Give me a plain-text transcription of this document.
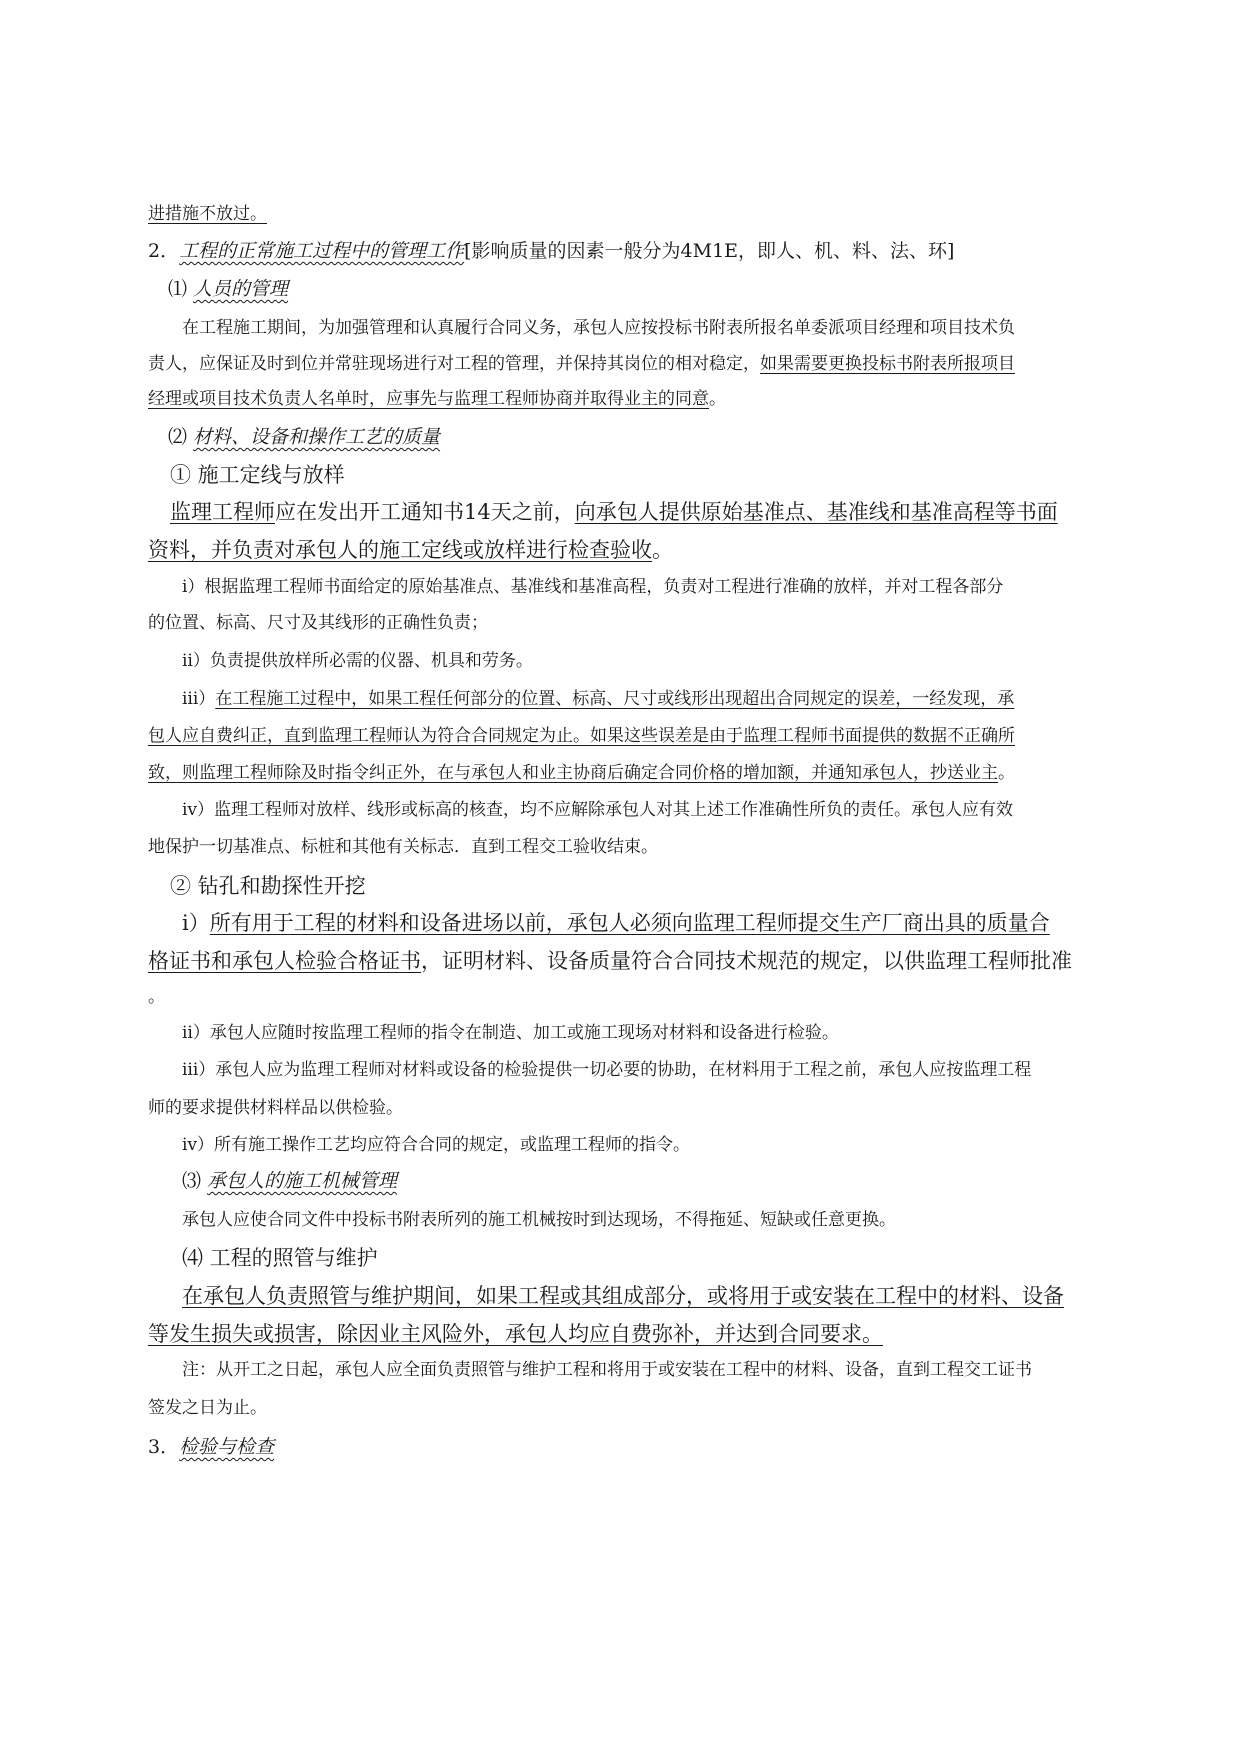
进措施不放过。
2．工程的正常施工过程中的管理工作[影响质量的因素一般分为4M1E，即人、机、料、法、环]
⑴ 人员的管理
在工程施工期间，为加强管理和认真履行合同义务，承包人应按投标书附表所报名单委派项目经理和项目技术负
责人，应保证及时到位并常驻现场进行对工程的管理，并保持其岗位的相对稳定，如果需要更换投标书附表所报项目
经理或项目技术负责人名单时，应事先与监理工程师协商并取得业主的同意。
⑵ 材料、设备和操作工艺的质量
① 施工定线与放样
监理工程师应在发出开工通知书14天之前，向承包人提供原始基准点、基准线和基准高程等书面
资料，并负责对承包人的施工定线或放样进行检查验收。
ⅰ）根据监理工程师书面给定的原始基准点、基准线和基准高程，负责对工程进行准确的放样，并对工程各部分
的位置、标高、尺寸及其线形的正确性负责；
ⅱ）负责提供放样所必需的仪器、机具和劳务。
ⅲ）在工程施工过程中，如果工程任何部分的位置、标高、尺寸或线形出现超出合同规定的误差，一经发现，承
包人应自费纠正，直到监理工程师认为符合合同规定为止。如果这些误差是由于监理工程师书面提供的数据不正确所
致，则监理工程师除及时指令纠正外，在与承包人和业主协商后确定合同价格的增加额，并通知承包人，抄送业主。
ⅳ）监理工程师对放样、线形或标高的核查，均不应解除承包人对其上述工作准确性所负的责任。承包人应有效
地保护一切基准点、标桩和其他有关标志．直到工程交工验收结束。
② 钻孔和勘探性开挖
ⅰ）所有用于工程的材料和设备进场以前，承包人必须向监理工程师提交生产厂商出具的质量合
格证书和承包人检验合格证书，证明材料、设备质量符合合同技术规范的规定，以供监理工程师批准
。
ⅱ）承包人应随时按监理工程师的指令在制造、加工或施工现场对材料和设备进行检验。
ⅲ）承包人应为监理工程师对材料或设备的检验提供一切必要的协助，在材料用于工程之前，承包人应按监理工程
师的要求提供材料样品以供检验。
ⅳ）所有施工操作工艺均应符合合同的规定，或监理工程师的指令。
⑶ 承包人的施工机械管理
承包人应使合同文件中投标书附表所列的施工机械按时到达现场，不得拖延、短缺或任意更换。
⑷ 工程的照管与维护
在承包人负责照管与维护期间，如果工程或其组成部分，或将用于或安装在工程中的材料、设备
等发生损失或损害，除因业主风险外，承包人均应自费弥补，并达到合同要求。
注：从开工之日起，承包人应全面负责照管与维护工程和将用于或安装在工程中的材料、设备，直到工程交工证书
签发之日为止。
3．检验与检查
